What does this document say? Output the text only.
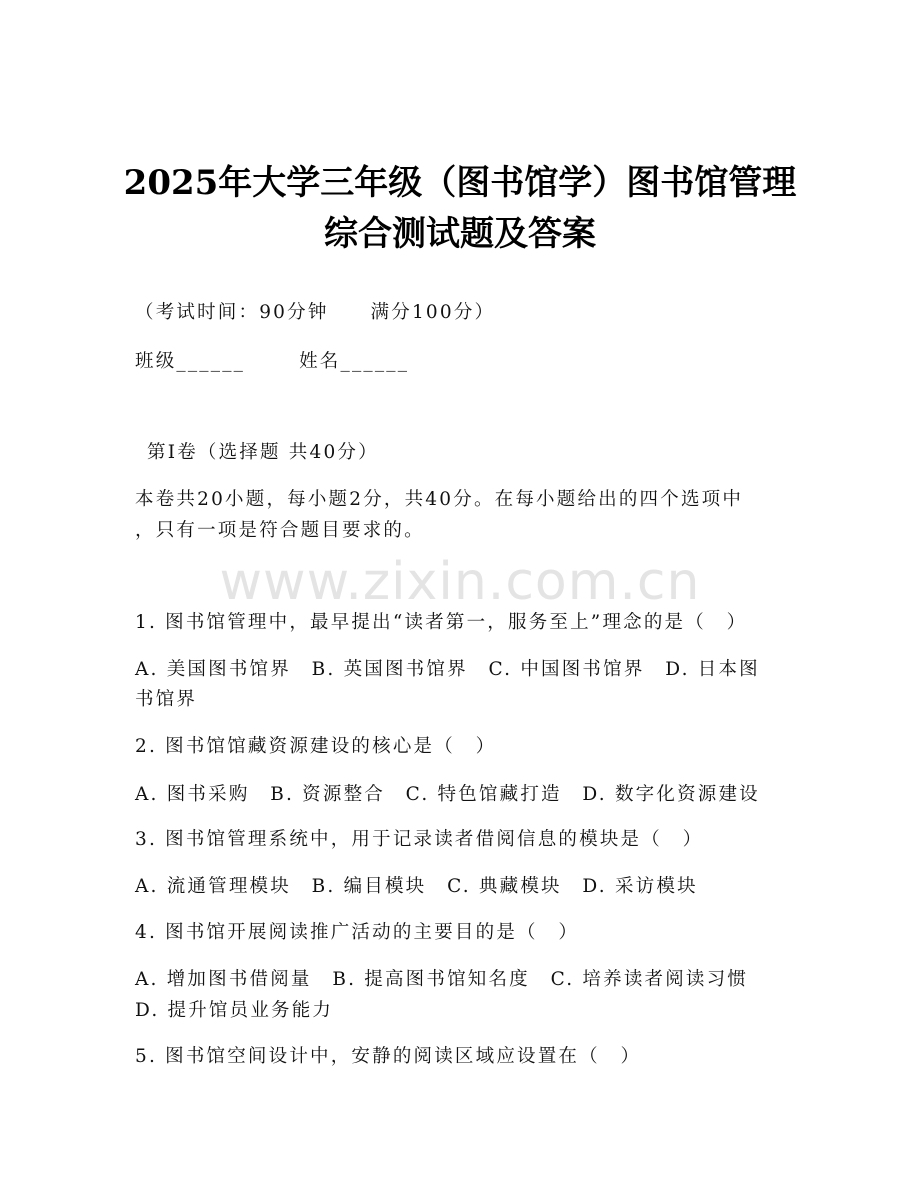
2025年大学三年级（图书馆学）图书馆管理
综合测试题及答案
（考试时间：90分钟 满分100分）
班级______	姓名______
第Ⅰ卷（选择题 共40分）
本卷共20小题，每小题2分，共40分。在每小题给出的四个选项中
，只有一项是符合题目要求的。
www.zixin.com.cn
1. 图书馆管理中，最早提出“读者第一，服务至上”理念的是（　）
A. 美国图书馆界　B. 英国图书馆界　C. 中国图书馆界　D. 日本图
书馆界
2. 图书馆馆藏资源建设的核心是（　）
A. 图书采购　B. 资源整合　C. 特色馆藏打造　D. 数字化资源建设
3. 图书馆管理系统中，用于记录读者借阅信息的模块是（　）
A. 流通管理模块　B. 编目模块　C. 典藏模块　D. 采访模块
4. 图书馆开展阅读推广活动的主要目的是（　）
A. 增加图书借阅量　B. 提高图书馆知名度　C. 培养读者阅读习惯
D. 提升馆员业务能力
5. 图书馆空间设计中，安静的阅读区域应设置在（　）
